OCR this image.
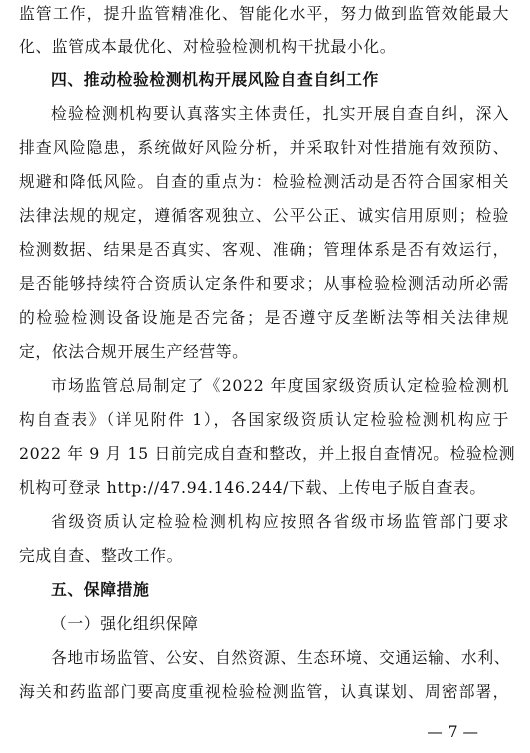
监管工作，提升监管精准化、智能化水平，努力做到监管效能最大
化、监管成本最优化、对检验检测机构干扰最小化。
四、推动检验检测机构开展风险自查自纠工作
检验检测机构要认真落实主体责任，扎实开展自查自纠，深入
排查风险隐患，系统做好风险分析，并采取针对性措施有效预防、
规避和降低风险。自查的重点为：检验检测活动是否符合国家相关
法律法规的规定，遵循客观独立、公平公正、诚实信用原则；检验
检测数据、结果是否真实、客观、准确；管理体系是否有效运行，
是否能够持续符合资质认定条件和要求；从事检验检测活动所必需
的检验检测设备设施是否完备；是否遵守反垄断法等相关法律规
定，依法合规开展生产经营等。
市场监管总局制定了《2022 年度国家级资质认定检验检测机
构自查表》（详见附件 1），各国家级资质认定检验检测机构应于
2022 年 9 月 15 日前完成自查和整改，并上报自查情况。检验检测
机构可登录 http://47.94.146.244/下载、上传电子版自查表。
省级资质认定检验检测机构应按照各省级市场监管部门要求
完成自查、整改工作。
五、保障措施
（一）强化组织保障
各地市场监管、公安、自然资源、生态环境、交通运输、水利、
海关和药监部门要高度重视检验检测监管，认真谋划、周密部署，
— 7 —
